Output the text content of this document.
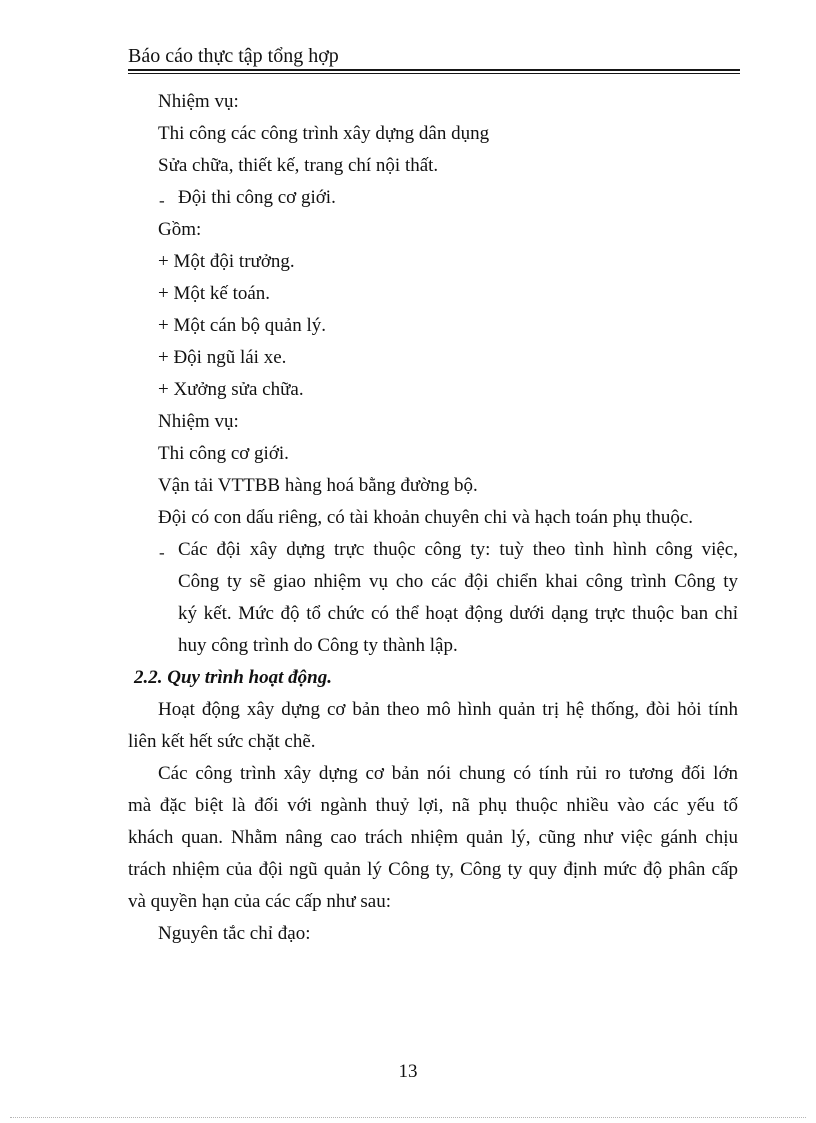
Báo cáo thực tập tổng hợp
Nhiệm vụ:
Thi công các công trình xây dựng dân dụng
Sửa chữa, thiết kế, trang chí nội thất.
- Đội thi công cơ giới.
Gồm:
+ Một đội trưởng.
+ Một kế toán.
+ Một cán bộ quản lý.
+ Đội ngũ lái xe.
+ Xưởng sửa chữa.
Nhiệm vụ:
Thi công cơ giới.
Vận tải VTTBB hàng hoá bằng đường bộ.
Đội có con dấu riêng, có tài khoản chuyên chi và hạch toán phụ thuộc.
- Các đội xây dựng trực thuộc công ty: tuỳ theo tình hình công việc,
Công ty sẽ giao nhiệm vụ cho các đội chiển khai công trình Công ty
ký kết. Mức độ tổ chức có thể hoạt động dưới dạng trực thuộc ban chỉ
huy công trình do Công ty thành lập.
2.2. Quy trình hoạt động.
Hoạt động xây dựng cơ bản theo mô hình quản trị hệ thống, đòi hỏi tính
liên kết hết sức chặt chẽ.
Các công trình xây dựng cơ bản nói chung có tính rủi ro tương đối lớn
mà đặc biệt là đối với ngành thuỷ lợi, nã phụ thuộc nhiều vào các yếu tố
khách quan. Nhằm nâng cao trách nhiệm quản lý, cũng như việc gánh chịu
trách nhiệm của đội ngũ quản lý Công ty, Công ty quy định mức độ phân cấp
và quyền hạn của các cấp như sau:
Nguyên tắc chỉ đạo:
13
